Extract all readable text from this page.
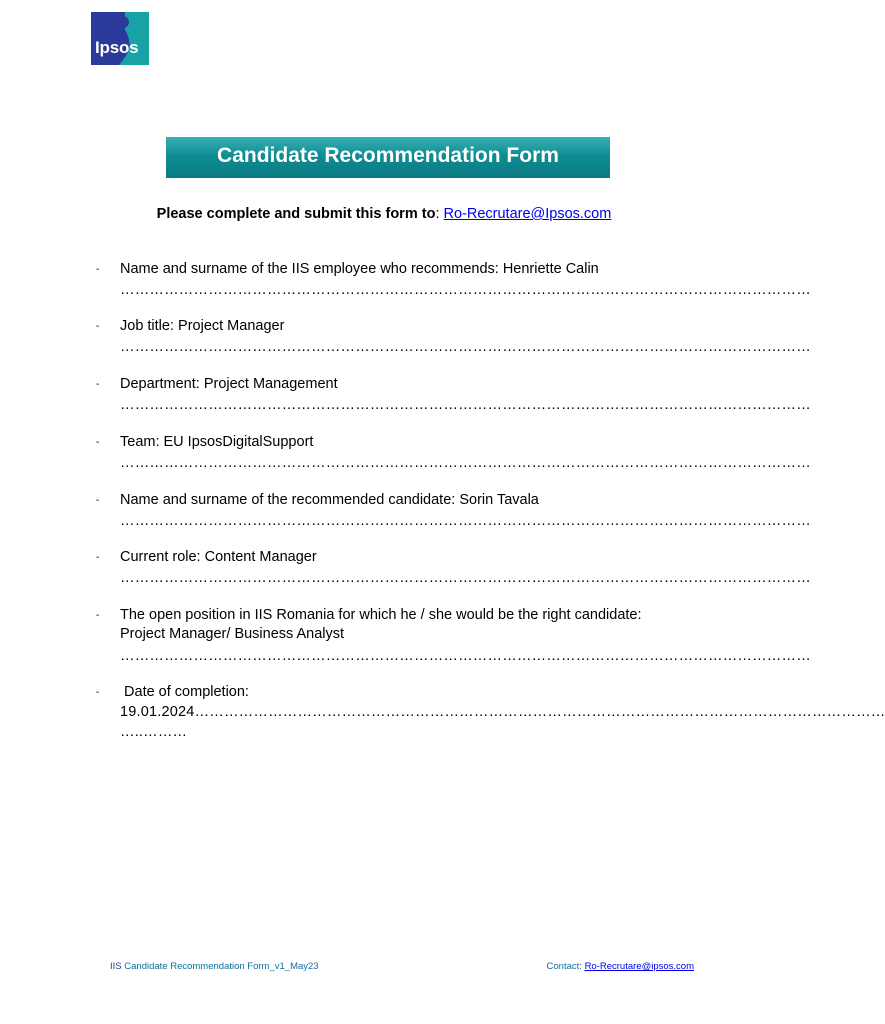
Ipsos
Candidate Recommendation Form
Please complete and submit this form to: Ro-Recrutare@Ipsos.com
- Name and surname of the IIS employee who recommends: Henriette Calin
……………………………………………………………………………………………………………………………
- Job title: Project Manager
……………………………………………………………………………………………………………………………
- Department: Project Management
……………………………………………………………………………………………………………………………
- Team: EU IpsosDigitalSupport
……………………………………………………………………………………………………………………………
- Name and surname of the recommended candidate: Sorin Tavala
……………………………………………………………………………………………………………………………
- Current role: Content Manager
……………………………………………………………………………………………………………………………
- The open position in IIS Romania for which he / she would be the right candidate:
Project Manager/ Business Analyst
……………………………………………………………………………………………………………………………
- Date of completion:
19.01.2024……………………………………………………………………………………………………………………………
…..………
IIS Candidate Recommendation Form_v1_May23	Contact: Ro-Recrutare@ipsos.com
